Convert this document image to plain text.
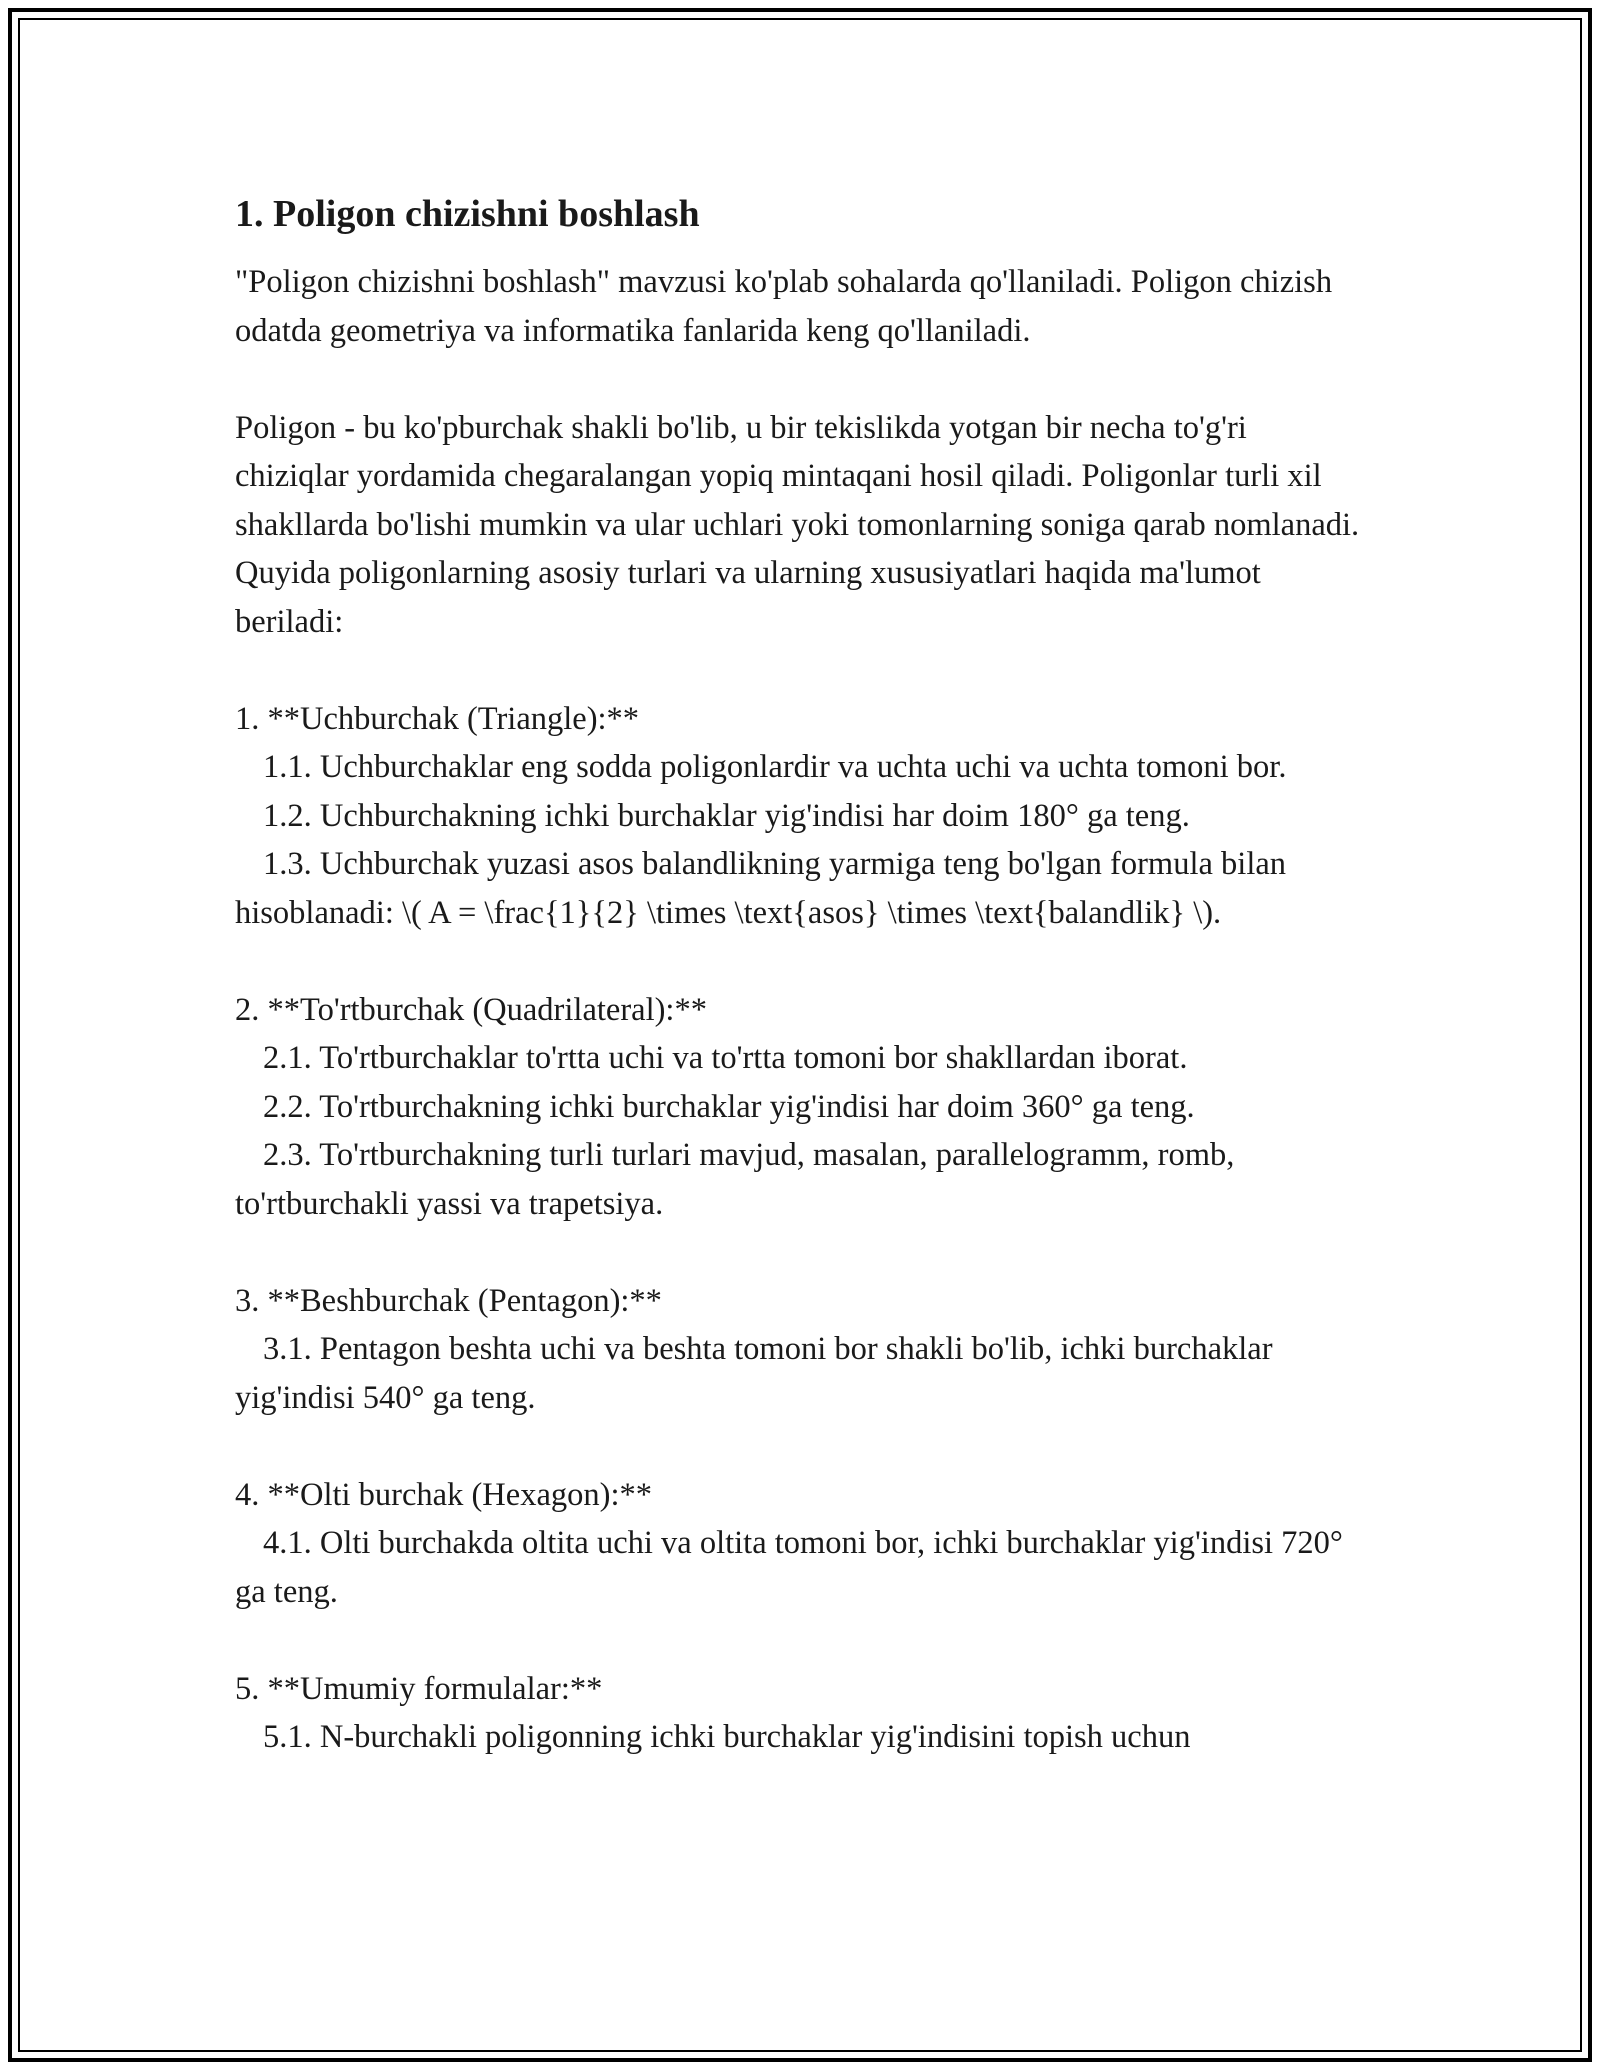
1. Poligon chizishni boshlash

"Poligon chizishni boshlash" mavzusi ko'plab sohalarda qo'llaniladi. Poligon chizish odatda geometriya va informatika fanlarida keng qo'llaniladi.

Poligon - bu ko'pburchak shakli bo'lib, u bir tekislikda yotgan bir necha to'g'ri chiziqlar yordamida chegaralangan yopiq mintaqani hosil qiladi. Poligonlar turli xil shakllarda bo'lishi mumkin va ular uchlari yoki tomonlarning soniga qarab nomlanadi. Quyida poligonlarning asosiy turlari va ularning xususiyatlari haqida ma'lumot beriladi:

1. **Uchburchak (Triangle):**

1.1. Uchburchaklar eng sodda poligonlardir va uchta uchi va uchta tomoni bor.

1.2. Uchburchakning ichki burchaklar yig'indisi har doim 180° ga teng.

1.3. Uchburchak yuzasi asos balandlikning yarmiga teng bo'lgan formula bilan hisoblanadi: \( A = \frac{1}{2} \times \text{asos} \times \text{balandlik} \).

2. **To'rtburchak (Quadrilateral):**

2.1. To'rtburchaklar to'rtta uchi va to'rtta tomoni bor shakllardan iborat.

2.2. To'rtburchakning ichki burchaklar yig'indisi har doim 360° ga teng.

2.3. To'rtburchakning turli turlari mavjud, masalan, parallelogramm, romb, to'rtburchakli yassi va trapetsiya.

3. **Beshburchak (Pentagon):**

3.1. Pentagon beshta uchi va beshta tomoni bor shakli bo'lib, ichki burchaklar yig'indisi 540° ga teng.

4. **Olti burchak (Hexagon):**

4.1. Olti burchakda oltita uchi va oltita tomoni bor, ichki burchaklar yig'indisi 720° ga teng.

5. **Umumiy formulalar:**

5.1. N-burchakli poligonning ichki burchaklar yig'indisini topish uchun
